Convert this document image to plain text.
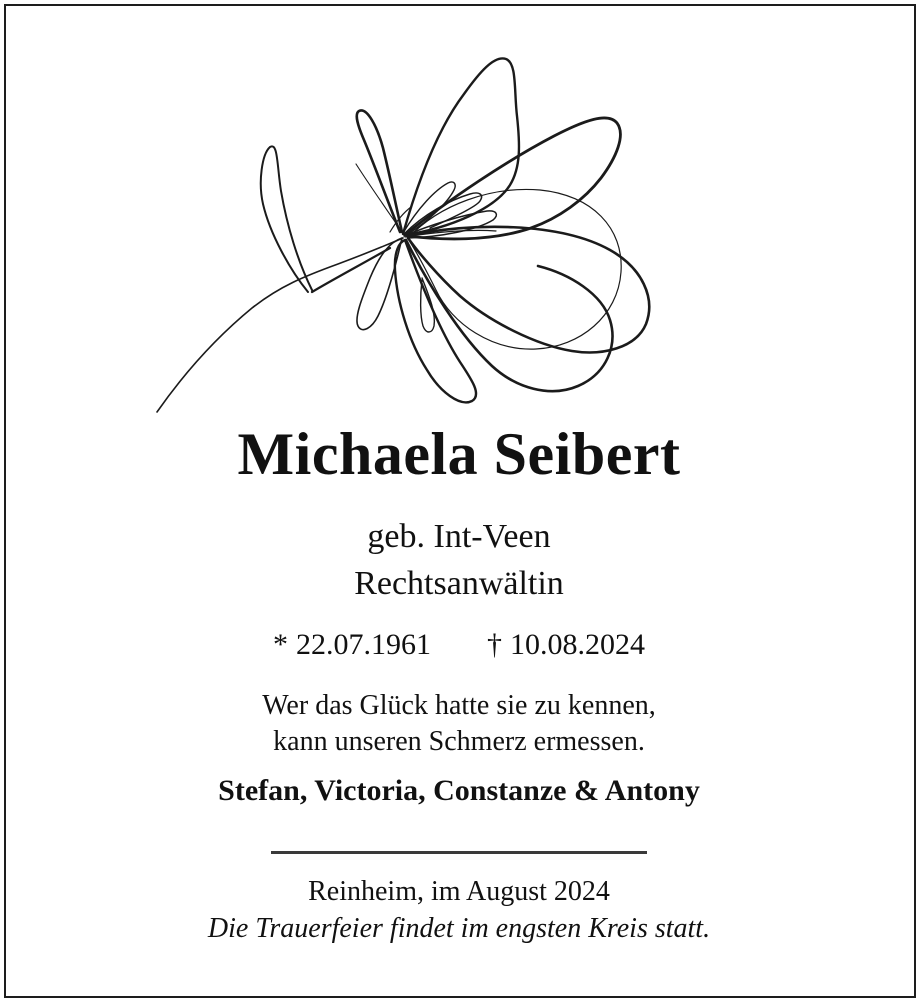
Michaela Seibert
geb. Int-Veen
Rechtsanwältin
* 22.07.1961 † 10.08.2024
Wer das Glück hatte sie zu kennen,
kann unseren Schmerz ermessen.
Stefan, Victoria, Constanze & Antony
Reinheim, im August 2024
Die Trauerfeier findet im engsten Kreis statt.
